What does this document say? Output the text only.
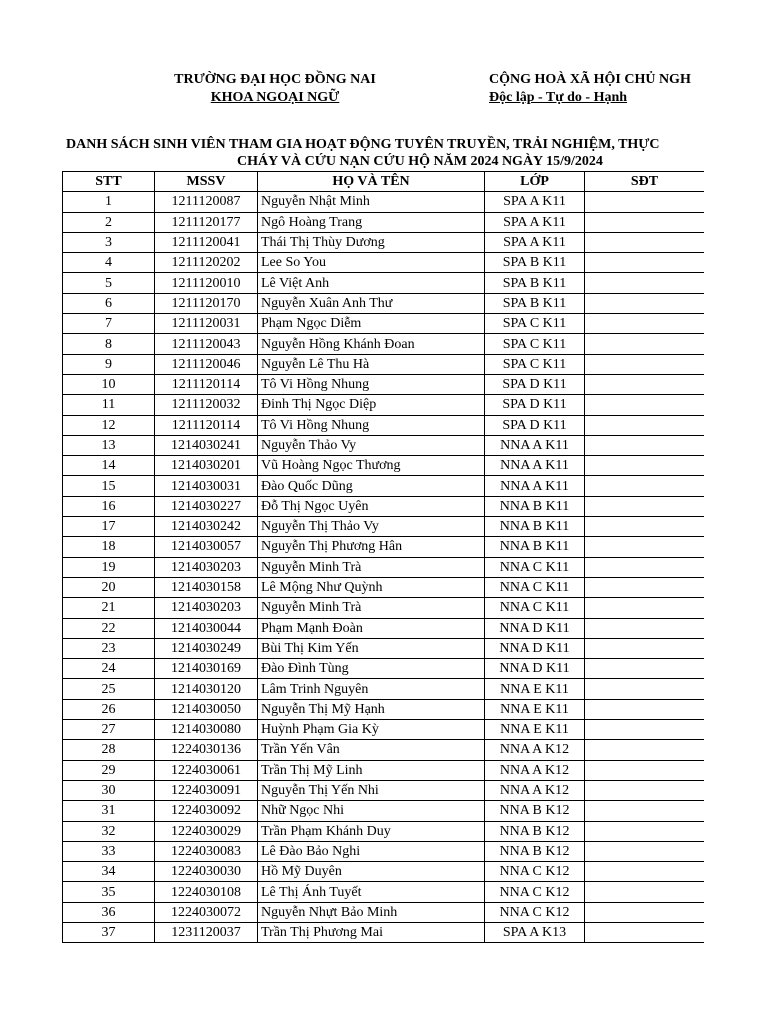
TRƯỜNG ĐẠI HỌC ĐỒNG NAI
KHOA NGOẠI NGỮ
CỘNG HOÀ XÃ HỘI CHỦ NGH
Độc lập - Tự do - Hạnh
DANH SÁCH SINH VIÊN THAM GIA HOẠT ĐỘNG TUYÊN TRUYỀN, TRẢI NGHIỆM, THỰC
CHÁY VÀ CỨU NẠN CỨU HỘ NĂM 2024 NGÀY 15/9/2024
STT	MSSV	HỌ VÀ TÊN	LỚP	SĐT
1	1211120087	Nguyễn Nhật Minh	SPA A K11	
2	1211120177	Ngô Hoàng Trang	SPA A K11	
3	1211120041	Thái Thị Thùy Dương	SPA A K11	
4	1211120202	Lee So You	SPA B K11	
5	1211120010	Lê Việt Anh	SPA B K11	
6	1211120170	Nguyễn Xuân Anh Thư	SPA B K11	
7	1211120031	Phạm Ngọc Diễm	SPA C K11	
8	1211120043	Nguyễn Hồng Khánh Đoan	SPA C K11	
9	1211120046	Nguyễn Lê Thu Hà	SPA C K11	
10	1211120114	Tô Vi Hồng Nhung	SPA D K11	
11	1211120032	Đinh Thị Ngọc Diệp	SPA D K11	
12	1211120114	Tô Vi Hồng Nhung	SPA D K11	
13	1214030241	Nguyễn Thảo Vy	NNA A K11	
14	1214030201	Vũ Hoàng Ngọc Thương	NNA A K11	
15	1214030031	Đào Quốc Dũng	NNA A K11	
16	1214030227	Đỗ Thị Ngọc Uyên	NNA B K11	
17	1214030242	Nguyễn Thị Thảo Vy	NNA B K11	
18	1214030057	Nguyễn Thị Phương Hân	NNA B K11	
19	1214030203	Nguyễn Minh Trà	NNA C K11	
20	1214030158	Lê Mộng Như Quỳnh	NNA C K11	
21	1214030203	Nguyễn Minh Trà	NNA C K11	
22	1214030044	Phạm Mạnh Đoàn	NNA D K11	
23	1214030249	Bùi Thị Kim Yến	NNA D K11	
24	1214030169	Đào Đình Tùng	NNA D K11	
25	1214030120	Lâm Trinh Nguyên	NNA E K11	
26	1214030050	Nguyễn Thị Mỹ Hạnh	NNA E K11	
27	1214030080	Huỳnh Phạm Gia Kỳ	NNA E K11	
28	1224030136	Trần Yến Vân	NNA A K12	
29	1224030061	Trần Thị Mỹ Linh	NNA A K12	
30	1224030091	Nguyễn Thị Yến Nhi	NNA A K12	
31	1224030092	Nhữ Ngọc Nhi	NNA B K12	
32	1224030029	Trần Phạm Khánh Duy	NNA B K12	
33	1224030083	Lê Đào Bảo Nghi	NNA B K12	
34	1224030030	Hồ Mỹ Duyên	NNA C K12	
35	1224030108	Lê Thị Ánh Tuyết	NNA C K12	
36	1224030072	Nguyễn Nhựt Bảo Minh	NNA C K12	
37	1231120037	Trần Thị Phương Mai	SPA A K13	
